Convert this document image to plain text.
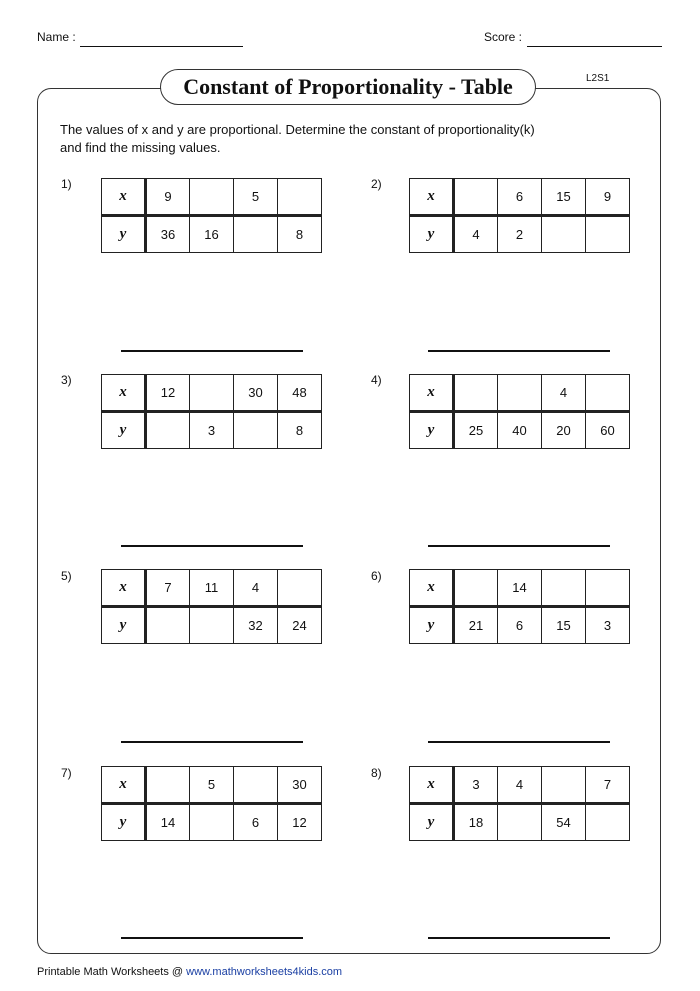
Name :	Score :
Constant of Proportionality - Table	L2S1
The values of x and y are proportional. Determine the constant of proportionality(k)
and find the missing values.
1)
x	9		5	
y	36	16		8
2)
x		6	15	9
y	4	2		
3)
x	12		30	48
y		3		8
4)
x			4	
y	25	40	20	60
5)
x	7	11	4	
y			32	24
6)
x		14		
y	21	6	15	3
7)
x		5		30
y	14		6	12
8)
x	3	4		7
y	18		54	
Printable Math Worksheets @ www.mathworksheets4kids.com
